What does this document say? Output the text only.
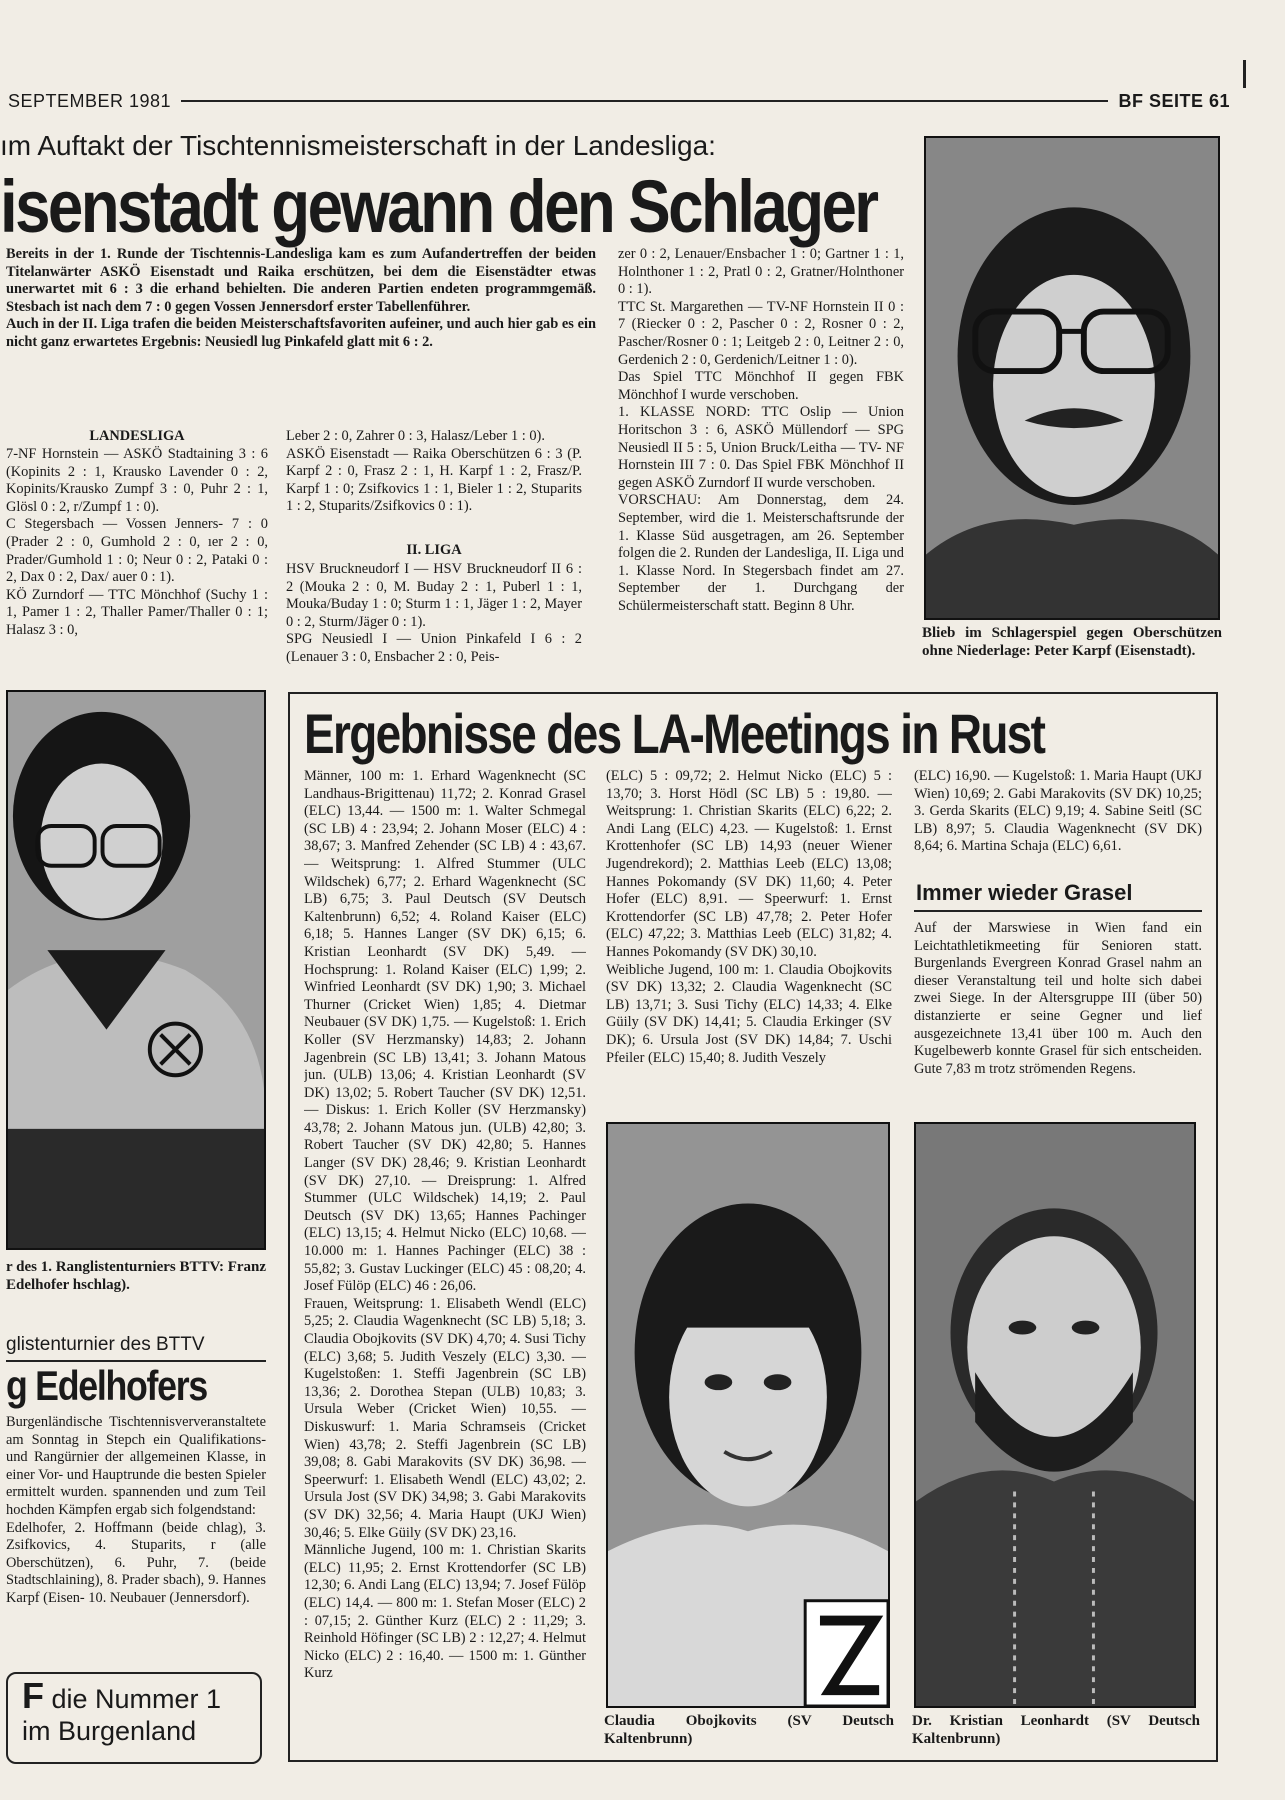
SEPTEMBER 1981	BF SEITE 61
ım Auftakt der Tischtennismeisterschaft in der Landesliga:
isenstadt gewann den Schlager
Bereits in der 1. Runde der Tischtennis-Landesliga kam es zum Aufandertreffen der beiden Titelanwärter ASKÖ Eisenstadt und Raika erschützen, bei dem die Eisenstädter etwas unerwartet mit 6 : 3 die erhand behielten. Die anderen Partien endeten programmgemäß. Stesbach ist nach dem 7 : 0 gegen Vossen Jennersdorf erster Tabellenführer.
Auch in der II. Liga trafen die beiden Meisterschaftsfavoriten aufeiner, und auch hier gab es ein nicht ganz erwartetes Ergebnis: Neusiedl lug Pinkafeld glatt mit 6 : 2.
LANDESLIGA
7-NF Hornstein — ASKÖ Stadtaining 3 : 6 (Kopinits 2 : 1, Krausko Lavender 0 : 2, Kopinits/Krausko Zumpf 3 : 0, Puhr 2 : 1, Glösl 0 : 2, r/Zumpf 1 : 0).
C Stegersbach — Vossen Jenners- 7 : 0 (Prader 2 : 0, Gumhold 2 : 0, ıer 2 : 0, Prader/Gumhold 1 : 0; Neur 0 : 2, Pataki 0 : 2, Dax 0 : 2, Dax/ auer 0 : 1).
KÖ Zurndorf — TTC Mönchhof (Suchy 1 : 1, Pamer 1 : 2, Thaller Pamer/Thaller 0 : 1; Halasz 3 : 0,
Leber 2 : 0, Zahrer 0 : 3, Halasz/Leber 1 : 0).
ASKÖ Eisenstadt — Raika Oberschützen 6 : 3 (P. Karpf 2 : 0, Frasz 2 : 1, H. Karpf 1 : 2, Frasz/P. Karpf 1 : 0; Zsifkovics 1 : 1, Bieler 1 : 2, Stuparits 1 : 2, Stuparits/Zsifkovics 0 : 1).
II. LIGA
HSV Bruckneudorf I — HSV Bruckneudorf II 6 : 2 (Mouka 2 : 0, M. Buday 2 : 1, Puberl 1 : 1, Mouka/Buday 1 : 0; Sturm 1 : 1, Jäger 1 : 2, Mayer 0 : 2, Sturm/Jäger 0 : 1).
SPG Neusiedl I — Union Pinkafeld I 6 : 2 (Lenauer 3 : 0, Ensbacher 2 : 0, Peis-
zer 0 : 2, Lenauer/Ensbacher 1 : 0; Gartner 1 : 1, Holnthoner 1 : 2, Pratl 0 : 2, Gratner/Holnthoner 0 : 1).
TTC St. Margarethen — TV-NF Hornstein II 0 : 7 (Riecker 0 : 2, Pascher 0 : 2, Rosner 0 : 2, Pascher/Rosner 0 : 1; Leitgeb 2 : 0, Leitner 2 : 0, Gerdenich 2 : 0, Gerdenich/Leitner 1 : 0).
Das Spiel TTC Mönchhof II gegen FBK Mönchhof I wurde verschoben.
1. KLASSE NORD: TTC Oslip — Union Horitschon 3 : 6, ASKÖ Müllendorf — SPG Neusiedl II 5 : 5, Union Bruck/Leitha — TV- NF Hornstein III 7 : 0. Das Spiel FBK Mönchhof II gegen ASKÖ Zurndorf II wurde verschoben.
VORSCHAU: Am Donnerstag, dem 24. September, wird die 1. Meisterschaftsrunde der 1. Klasse Süd ausgetragen, am 26. September folgen die 2. Runden der Landesliga, II. Liga und 1. Klasse Nord. In Stegersbach findet am 27. September der 1. Durchgang der Schülermeisterschaft statt. Beginn 8 Uhr.
Blieb im Schlagerspiel gegen Oberschützen ohne Niederlage: Peter Karpf (Eisenstadt).
r des 1. Ranglistenturniers BTTV: Franz Edelhofer hschlag).
glistenturnier des BTTV
g Edelhofers
Burgenländische Tischtennisververanstaltete am Sonntag in Stepch ein Qualifikations- und Rangürnier der allgemeinen Klasse, in einer Vor- und Hauptrunde die besten Spieler ermittelt wurden. spannenden und zum Teil hochden Kämpfen ergab sich folgendstand:
Edelhofer, 2. Hoffmann (beide chlag), 3. Zsifkovics, 4. Stuparits, r (alle Oberschützen), 6. Puhr, 7. (beide Stadtschlaining), 8. Prader sbach), 9. Hannes Karpf (Eisen- 10. Neubauer (Jennersdorf).
F die Nummer 1
im Burgenland
Ergebnisse des LA-Meetings in Rust
Männer, 100 m: 1. Erhard Wagenknecht (SC Landhaus-Brigittenau) 11,72; 2. Konrad Grasel (ELC) 13,44. — 1500 m: 1. Walter Schmegal (SC LB) 4 : 23,94; 2. Johann Moser (ELC) 4 : 38,67; 3. Manfred Zehender (SC LB) 4 : 43,67. — Weitsprung: 1. Alfred Stummer (ULC Wildschek) 6,77; 2. Erhard Wagenknecht (SC LB) 6,75; 3. Paul Deutsch (SV Deutsch Kaltenbrunn) 6,52; 4. Roland Kaiser (ELC) 6,18; 5. Hannes Langer (SV DK) 6,15; 6. Kristian Leonhardt (SV DK) 5,49. — Hochsprung: 1. Roland Kaiser (ELC) 1,99; 2. Winfried Leonhardt (SV DK) 1,90; 3. Michael Thurner (Cricket Wien) 1,85; 4. Dietmar Neubauer (SV DK) 1,75. — Kugelstoß: 1. Erich Koller (SV Herzmansky) 14,83; 2. Johann Jagenbrein (SC LB) 13,41; 3. Johann Matous jun. (ULB) 13,06; 4. Kristian Leonhardt (SV DK) 13,02; 5. Robert Taucher (SV DK) 12,51. — Diskus: 1. Erich Koller (SV Herzmansky) 43,78; 2. Johann Matous jun. (ULB) 42,80; 3. Robert Taucher (SV DK) 42,80; 5. Hannes Langer (SV DK) 28,46; 9. Kristian Leonhardt (SV DK) 27,10. — Dreisprung: 1. Alfred Stummer (ULC Wildschek) 14,19; 2. Paul Deutsch (SV DK) 13,65; Hannes Pachinger (ELC) 13,15; 4. Helmut Nicko (ELC) 10,68. — 10.000 m: 1. Hannes Pachinger (ELC) 38 : 55,82; 3. Gustav Luckinger (ELC) 45 : 08,20; 4. Josef Fülöp (ELC) 46 : 26,06.
Frauen, Weitsprung: 1. Elisabeth Wendl (ELC) 5,25; 2. Claudia Wagenknecht (SC LB) 5,18; 3. Claudia Obojkovits (SV DK) 4,70; 4. Susi Tichy (ELC) 3,68; 5. Judith Veszely (ELC) 3,30. — Kugelstoßen: 1. Steffi Jagenbrein (SC LB) 13,36; 2. Dorothea Stepan (ULB) 10,83; 3. Ursula Weber (Cricket Wien) 10,55. — Diskuswurf: 1. Maria Schramseis (Cricket Wien) 43,78; 2. Steffi Jagenbrein (SC LB) 39,08; 8. Gabi Marakovits (SV DK) 36,98. — Speerwurf: 1. Elisabeth Wendl (ELC) 43,02; 2. Ursula Jost (SV DK) 34,98; 3. Gabi Marakovits (SV DK) 32,56; 4. Maria Haupt (UKJ Wien) 30,46; 5. Elke Güily (SV DK) 23,16.
Männliche Jugend, 100 m: 1. Christian Skarits (ELC) 11,95; 2. Ernst Krottendorfer (SC LB) 12,30; 6. Andi Lang (ELC) 13,94; 7. Josef Fülöp (ELC) 14,4. — 800 m: 1. Stefan Moser (ELC) 2 : 07,15; 2. Günther Kurz (ELC) 2 : 11,29; 3. Reinhold Höfinger (SC LB) 2 : 12,27; 4. Helmut Nicko (ELC) 2 : 16,40. — 1500 m: 1. Günther Kurz
(ELC) 5 : 09,72; 2. Helmut Nicko (ELC) 5 : 13,70; 3. Horst Hödl (SC LB) 5 : 19,80. — Weitsprung: 1. Christian Skarits (ELC) 6,22; 2. Andi Lang (ELC) 4,23. — Kugelstoß: 1. Ernst Krottenhofer (SC LB) 14,93 (neuer Wiener Jugendrekord); 2. Matthias Leeb (ELC) 13,08; Hannes Pokomandy (SV DK) 11,60; 4. Peter Hofer (ELC) 8,91. — Speerwurf: 1. Ernst Krottendorfer (SC LB) 47,78; 2. Peter Hofer (ELC) 47,22; 3. Matthias Leeb (ELC) 31,82; 4. Hannes Pokomandy (SV DK) 30,10.
Weibliche Jugend, 100 m: 1. Claudia Obojkovits (SV DK) 13,32; 2. Claudia Wagenknecht (SC LB) 13,71; 3. Susi Tichy (ELC) 14,33; 4. Elke Güily (SV DK) 14,41; 5. Claudia Erkinger (SV DK); 6. Ursula Jost (SV DK) 14,84; 7. Uschi Pfeiler (ELC) 15,40; 8. Judith Veszely
(ELC) 16,90. — Kugelstoß: 1. Maria Haupt (UKJ Wien) 10,69; 2. Gabi Marakovits (SV DK) 10,25; 3. Gerda Skarits (ELC) 9,19; 4. Sabine Seitl (SC LB) 8,97; 5. Claudia Wagenknecht (SV DK) 8,64; 6. Martina Schaja (ELC) 6,61.
Immer wieder Grasel
Auf der Marswiese in Wien fand ein Leichtathletikmeeting für Senioren statt. Burgenlands Evergreen Konrad Grasel nahm an dieser Veranstaltung teil und holte sich dabei zwei Siege. In der Altersgruppe III (über 50) distanzierte er seine Gegner und lief ausgezeichnete 13,41 über 100 m. Auch den Kugelbewerb konnte Grasel für sich entscheiden. Gute 7,83 m trotz strömenden Regens.
Claudia Obojkovits (SV Deutsch Kaltenbrunn)
Dr. Kristian Leonhardt (SV Deutsch Kaltenbrunn)
